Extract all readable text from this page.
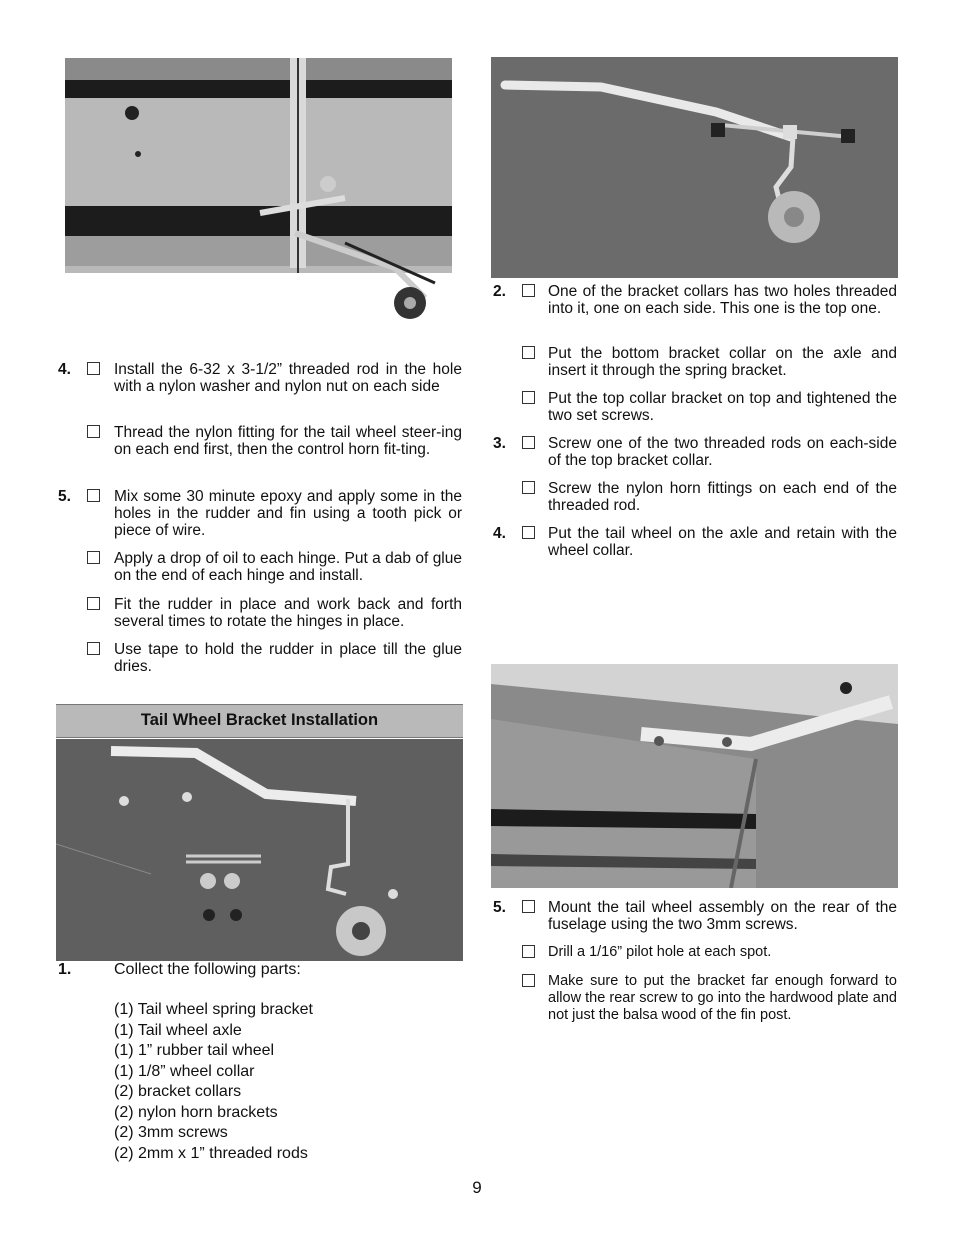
4.	Install the 6-32 x 3-1/2” threaded rod in the hole with a nylon washer and nylon nut on each side
Thread the nylon fitting for the tail wheel steer-ing on each end first, then the control horn fit-ting.
5.	Mix some 30 minute epoxy and apply some in the holes in the rudder and fin using a tooth pick or piece of wire.
Apply a drop of oil to each hinge. Put a dab of glue on the end of each hinge and install.
Fit the rudder in place and work back and forth several times to rotate the hinges in place.
Use tape to hold the rudder in place till the glue dries.
Tail Wheel Bracket Installation
1.	Collect the following parts:
(1) Tail wheel spring bracket
(1) Tail wheel axle
(1) 1” rubber tail wheel
(1) 1/8” wheel collar
(2) bracket collars
(2) nylon horn brackets
(2) 3mm screws
(2) 2mm x 1” threaded rods
2.	One of the bracket collars has two holes threaded into it, one on each side. This one is the top one.
Put the bottom bracket collar on the axle and insert it through the spring bracket.
Put the top collar bracket on top and tightened the two set screws.
3.	Screw one of the two threaded rods on each-side of the top bracket collar.
Screw the nylon horn fittings on each end of the threaded rod.
4.	Put the tail wheel on the axle and retain with the wheel collar.
5.	Mount the tail wheel assembly on the rear of the fuselage using the two 3mm screws.
Drill a 1/16” pilot hole at each spot.
Make sure to put the bracket far enough forward to allow the rear screw to go into the hardwood plate and not just the balsa wood of the fin post.
9
